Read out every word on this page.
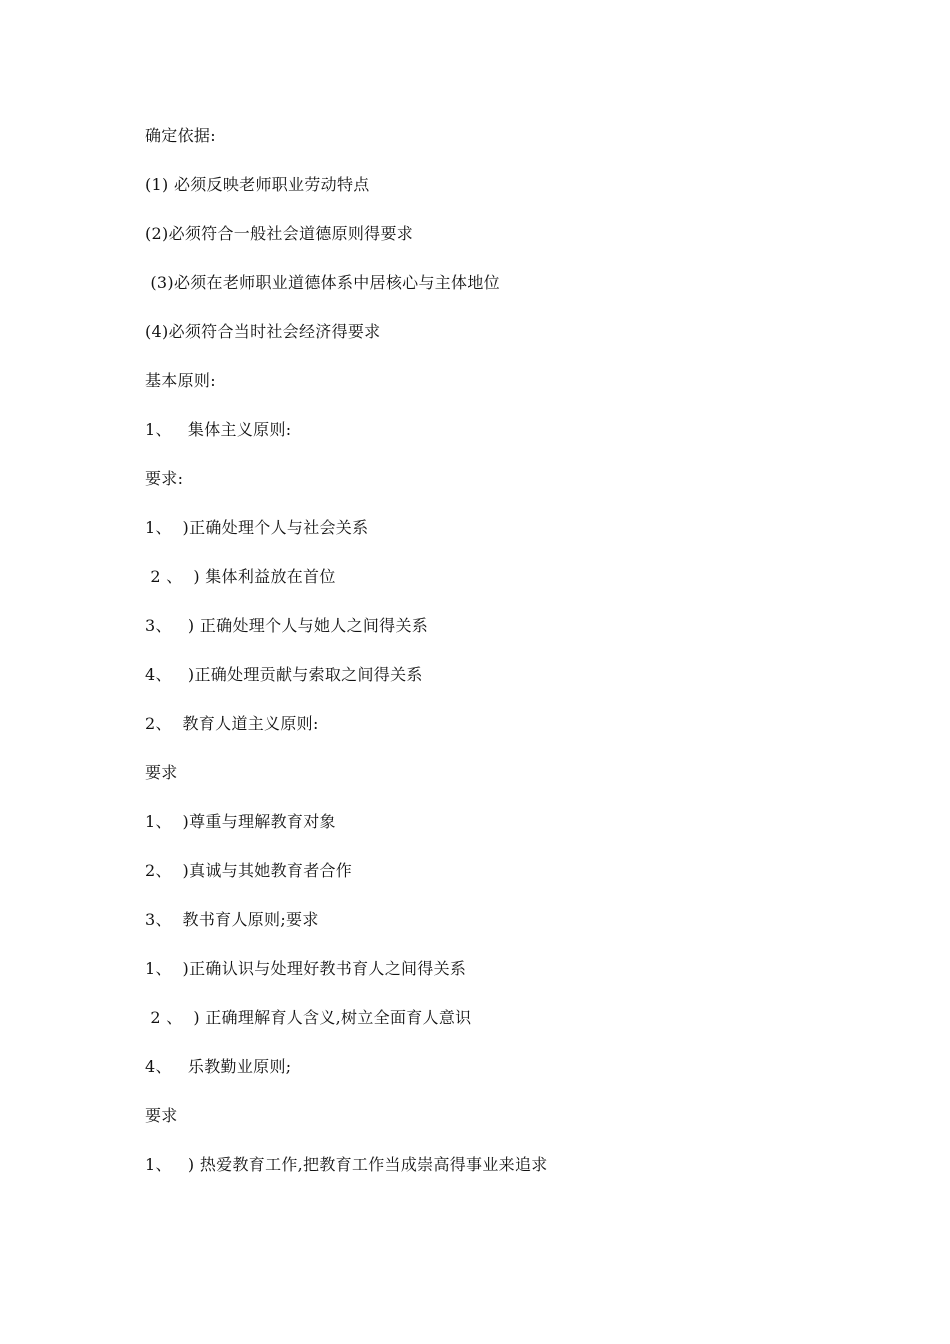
确定依据:

(1) 必须反映老师职业劳动特点

(2)必须符合一般社会道德原则得要求

(3)必须在老师职业道德体系中居核心与主体地位

(4)必须符合当时社会经济得要求

基本原则:

1、   集体主义原则:

要求:

1、  )正确处理个人与社会关系

2 、  ) 集体利益放在首位

3、   ) 正确处理个人与她人之间得关系

4、   )正确处理贡献与索取之间得关系

2、  教育人道主义原则:

要求

1、  )尊重与理解教育对象

2、  )真诚与其她教育者合作

3、  教书育人原则;要求

1、  )正确认识与处理好教书育人之间得关系

2 、  ) 正确理解育人含义,树立全面育人意识

4、   乐教勤业原则;

要求

1、   ) 热爱教育工作,把教育工作当成崇高得事业来追求
